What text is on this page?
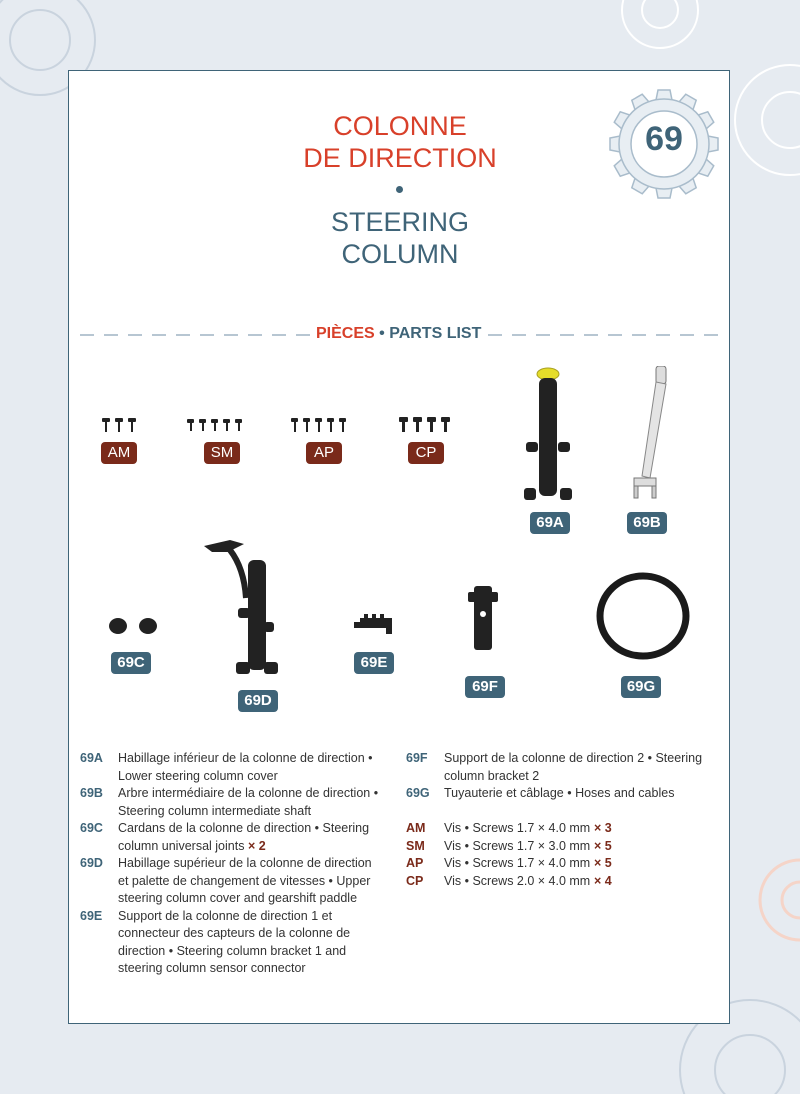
COLONNE
DE DIRECTION
STEERING
COLUMN
69
PIÈCES • PARTS LIST
AM	SM	AP	CP
69A	69B
69C
69D
69E
69F	69G
69A	Habillage inférieur de la colonne de direction • Lower steering column cover
69B	Arbre intermédiaire de la colonne de direction • Steering column intermediate shaft
69C	Cardans de la colonne de direction • Steering column universal joints × 2
69D	Habillage supérieur de la colonne de direction et palette de changement de vitesses • Upper steering column cover and gearshift paddle
69E	Support de la colonne de direction 1 et connecteur des capteurs de la colonne de direction • Steering column bracket 1 and steering column sensor connector
69F	Support de la colonne de direction 2 • Steering column bracket 2
69G	Tuyauterie et câblage • Hoses and cables
AM	Vis • Screws 1.7 × 4.0 mm × 3
SM	Vis • Screws 1.7 × 3.0 mm × 5
AP	Vis • Screws 1.7 × 4.0 mm × 5
CP	Vis • Screws 2.0 × 4.0 mm × 4
